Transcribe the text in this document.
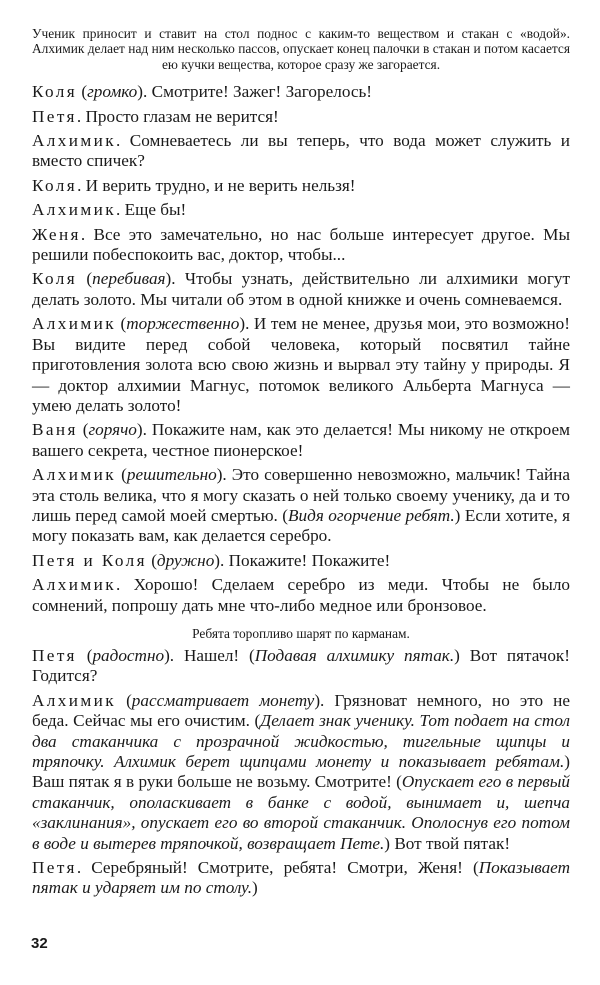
Ученик приносит и ставит на стол поднос с каким-то веществом и стакан с «водой». Алхимик делает над ним несколько пассов, опускает конец палочки в стакан и потом касается ею кучки вещества, которое сразу же загорается.

Коля (громко). Смотрите! Зажег! Загорелось!

Петя. Просто глазам не верится!

Алхимик. Сомневаетесь ли вы теперь, что вода может служить и вместо спичек?

Коля. И верить трудно, и не верить нельзя!

Алхимик. Еще бы!

Женя. Все это замечательно, но нас больше интересует другое. Мы решили побеспокоить вас, доктор, чтобы...

Коля (перебивая). Чтобы узнать, действительно ли алхимики могут делать золото. Мы читали об этом в одной книжке и очень сомневаемся.

Алхимик (торжественно). И тем не менее, друзья мои, это возможно! Вы видите перед собой человека, который посвятил тайне приготовления золота всю свою жизнь и вырвал эту тайну у природы. Я — доктор алхимии Магнус, потомок великого Альберта Магнуса — умею делать золото!

Ваня (горячо). Покажите нам, как это делается! Мы никому не откроем вашего секрета, честное пионерское!

Алхимик (решительно). Это совершенно невозможно, мальчик! Тайна эта столь велика, что я могу сказать о ней только своему ученику, да и то лишь перед самой моей смертью. (Видя огорчение ребят.) Если хотите, я могу показать вам, как делается серебро.

Петя и Коля (дружно). Покажите! Покажите!

Алхимик. Хорошо! Сделаем серебро из меди. Чтобы не было сомнений, попрошу дать мне что-либо медное или бронзовое.

Ребята торопливо шарят по карманам.

Петя (радостно). Нашел! (Подавая алхимику пятак.) Вот пятачок! Годится?

Алхимик (рассматривает монету). Грязноват немного, но это не беда. Сейчас мы его очистим. (Делает знак ученику. Тот подает на стол два стаканчика с прозрачной жидкостью, тигельные щипцы и тряпочку. Алхимик берет щипцами монету и показывает ребятам.) Ваш пятак я в руки больше не возьму. Смотрите! (Опускает его в первый стаканчик, ополаскивает в банке с водой, вынимает и, шепча «заклинания», опускает его во второй стаканчик. Ополоснув его потом в воде и вытерев тряпочкой, возвращает Пете.) Вот твой пятак!

Петя. Серебряный! Смотрите, ребята! Смотри, Женя! (Показывает пятак и ударяет им по столу.)

32
